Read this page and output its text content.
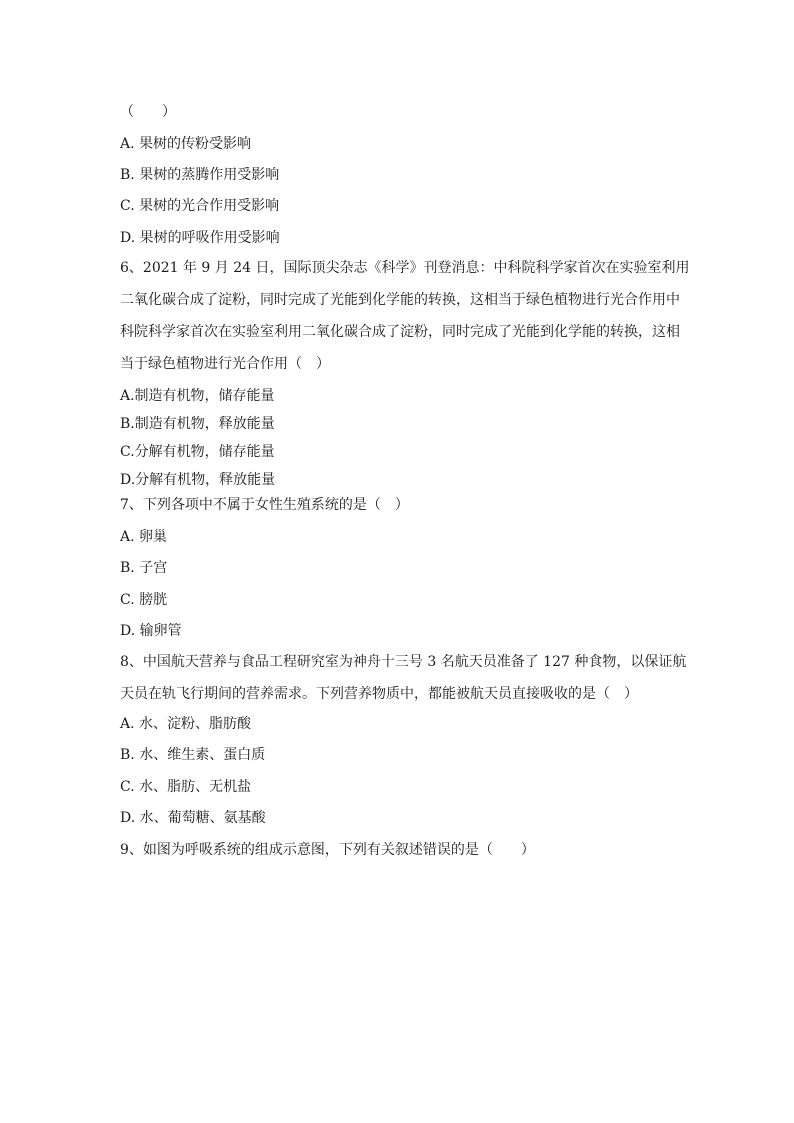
（　　）
A. 果树的传粉受影响
B. 果树的蒸腾作用受影响
C. 果树的光合作用受影响
D. 果树的呼吸作用受影响
6、2021 年 9 月 24 日，国际顶尖杂志《科学》刊登消息：中科院科学家首次在实验室利用
二氧化碳合成了淀粉，同时完成了光能到化学能的转换，这相当于绿色植物进行光合作用中
科院科学家首次在实验室利用二氧化碳合成了淀粉，同时完成了光能到化学能的转换，这相
当于绿色植物进行光合作用（　）
A.制造有机物，储存能量
B.制造有机物，释放能量
C.分解有机物，储存能量
D.分解有机物，释放能量
7、下列各项中不属于女性生殖系统的是（　）
A. 卵巢
B. 子宫
C. 膀胱
D. 输卵管
8、中国航天营养与食品工程研究室为神舟十三号 3 名航天员准备了 127 种食物，以保证航
天员在轨飞行期间的营养需求。下列营养物质中，都能被航天员直接吸收的是（　）
A. 水、淀粉、脂肪酸
B. 水、维生素、蛋白质
C. 水、脂肪、无机盐
D. 水、葡萄糖、氨基酸
9、如图为呼吸系统的组成示意图，下列有关叙述错误的是（　　）
